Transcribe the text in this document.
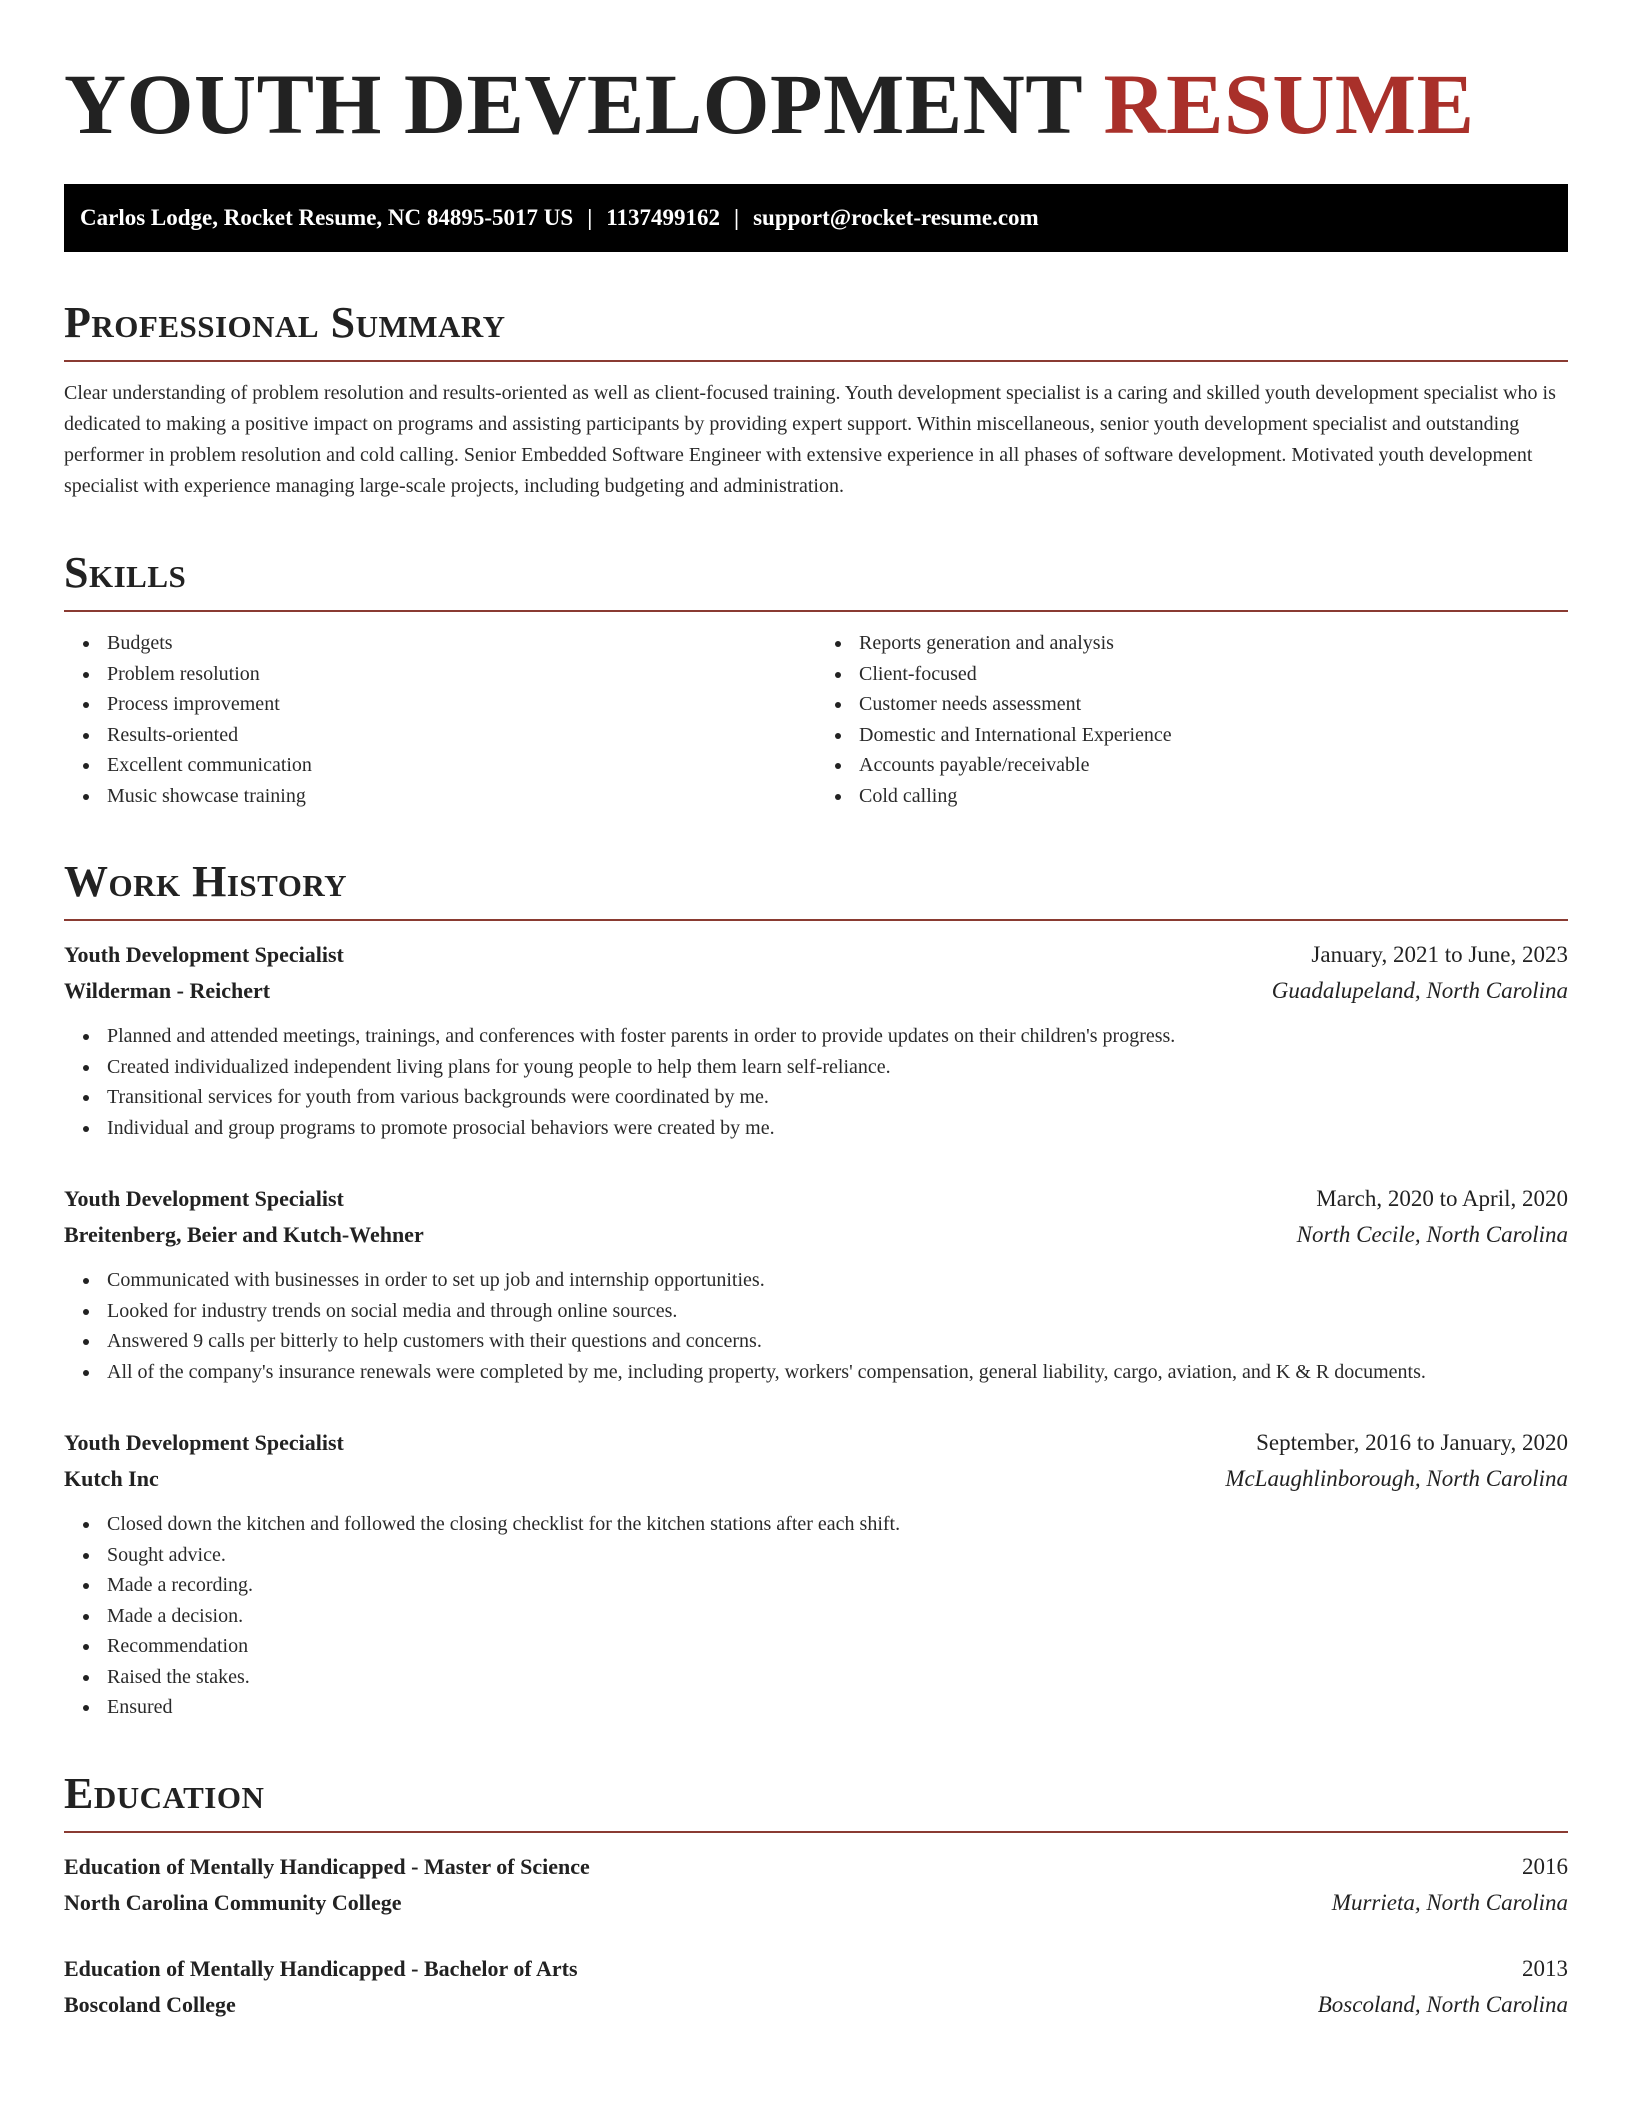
YOUTH DEVELOPMENT RESUME
Carlos Lodge, Rocket Resume, NC 84895-5017 US | 1137499162 | support@rocket-resume.com
Professional Summary

Clear understanding of problem resolution and results-oriented as well as client-focused training. Youth development specialist is a caring and skilled youth development specialist who is dedicated to making a positive impact on programs and assisting participants by providing expert support. Within miscellaneous, senior youth development specialist and outstanding performer in problem resolution and cold calling. Senior Embedded Software Engineer with extensive experience in all phases of software development. Motivated youth development specialist with experience managing large-scale projects, including budgeting and administration.

Skills
Budgets
Problem resolution
Process improvement
Results-oriented
Excellent communication
Music showcase training
Reports generation and analysis
Client-focused
Customer needs assessment
Domestic and International Experience
Accounts payable/receivable
Cold calling
Work History
Youth Development Specialist	January, 2021 to June, 2023
Wilderman - Reichert	Guadalupeland, North Carolina
Planned and attended meetings, trainings, and conferences with foster parents in order to provide updates on their children's progress.
Created individualized independent living plans for young people to help them learn self-reliance.
Transitional services for youth from various backgrounds were coordinated by me.
Individual and group programs to promote prosocial behaviors were created by me.
Youth Development Specialist	March, 2020 to April, 2020
Breitenberg, Beier and Kutch-Wehner	North Cecile, North Carolina
Communicated with businesses in order to set up job and internship opportunities.
Looked for industry trends on social media and through online sources.
Answered 9 calls per bitterly to help customers with their questions and concerns.
All of the company's insurance renewals were completed by me, including property, workers' compensation, general liability, cargo, aviation, and K & R documents.
Youth Development Specialist	September, 2016 to January, 2020
Kutch Inc	McLaughlinborough, North Carolina
Closed down the kitchen and followed the closing checklist for the kitchen stations after each shift.
Sought advice.
Made a recording.
Made a decision.
Recommendation
Raised the stakes.
Ensured
Education
Education of Mentally Handicapped - Master of Science	2016
North Carolina Community College	Murrieta, North Carolina
Education of Mentally Handicapped - Bachelor of Arts	2013
Boscoland College	Boscoland, North Carolina
